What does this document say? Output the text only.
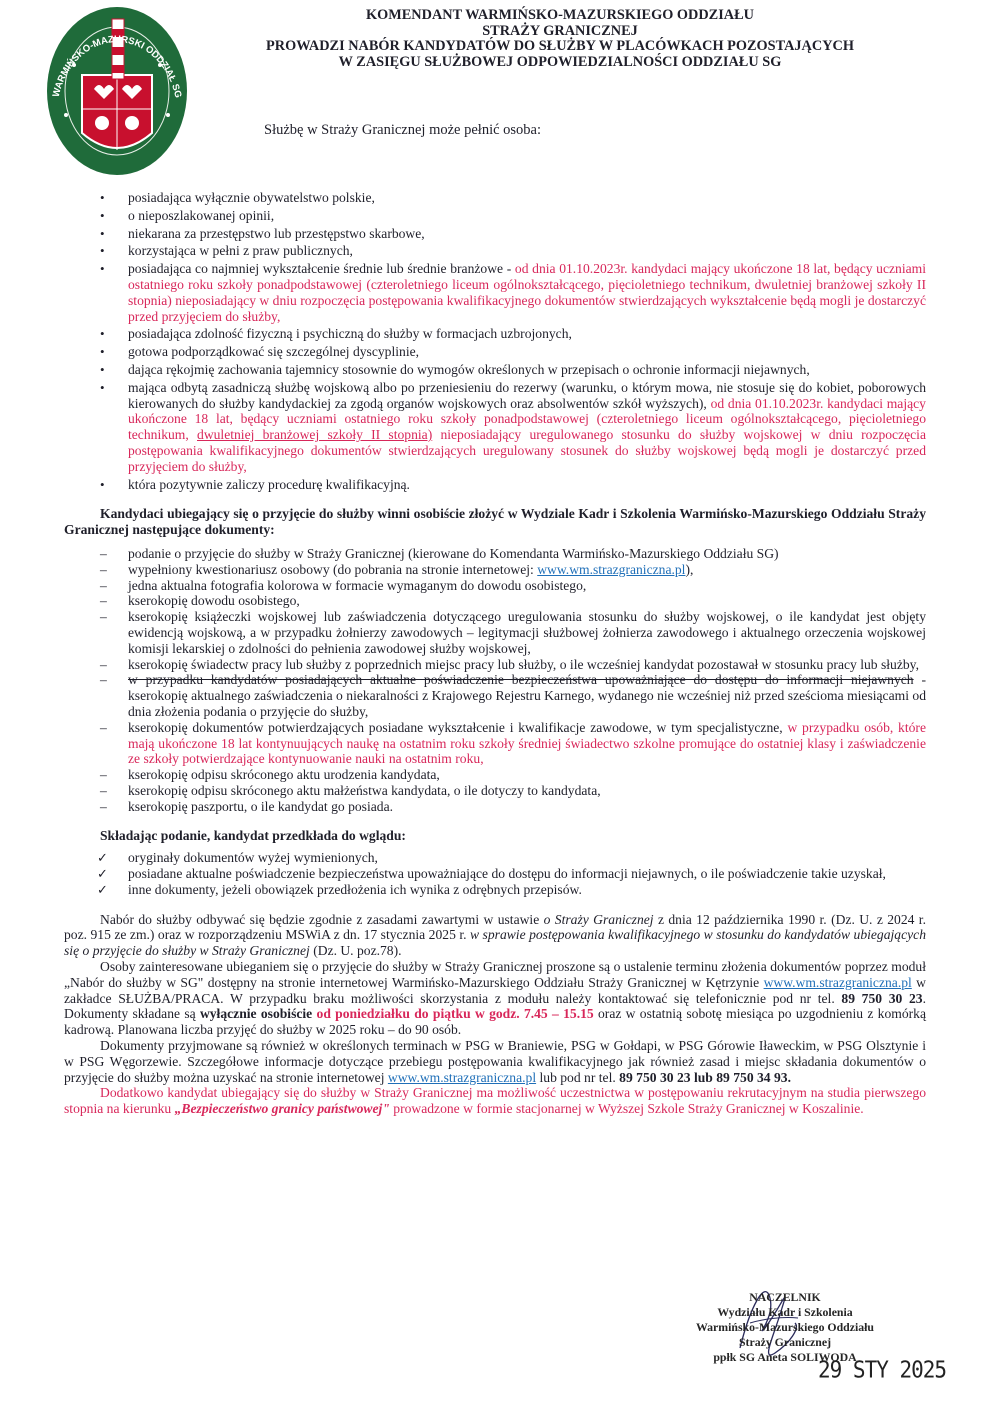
WARMIŃSKO-MAZURSKI ODDZIAŁ SG
KOMENDANT WARMIŃSKO-MAZURSKIEGO ODDZIAŁU
STRAŻY GRANICZNEJ
PROWADZI NABÓR KANDYDATÓW DO SŁUŻBY W PLACÓWKACH POZOSTAJĄCYCH
W ZASIĘGU SŁUŻBOWEJ ODPOWIEDZIALNOŚCI ODDZIAŁU SG
Służbę w Straży Granicznej może pełnić osoba:
• posiadająca wyłącznie obywatelstwo polskie,
• o nieposzlakowanej opinii,
• niekarana za przestępstwo lub przestępstwo skarbowe,
• korzystająca w pełni z praw publicznych,
• posiadająca co najmniej wykształcenie średnie lub średnie branżowe - od dnia 01.10.2023r. kandydaci mający ukończone 18 lat, będący uczniami ostatniego roku szkoły ponadpodstawowej (czteroletniego liceum ogólnokształcącego, pięcioletniego technikum, dwuletniej branżowej szkoły II stopnia) nieposiadający w dniu rozpoczęcia postępowania kwalifikacyjnego dokumentów stwierdzających wykształcenie będą mogli je dostarczyć przed przyjęciem do służby,
• posiadająca zdolność fizyczną i psychiczną do służby w formacjach uzbrojonych,
• gotowa podporządkować się szczególnej dyscyplinie,
• dająca rękojmię zachowania tajemnicy stosownie do wymogów określonych w przepisach o ochronie informacji niejawnych,
• mająca odbytą zasadniczą służbę wojskową albo po przeniesieniu do rezerwy (warunku, o którym mowa, nie stosuje się do kobiet, poborowych kierowanych do służby kandydackiej za zgodą organów wojskowych oraz absolwentów szkół wyższych), od dnia 01.10.2023r. kandydaci mający ukończone 18 lat, będący uczniami ostatniego roku szkoły ponadpodstawowej (czteroletniego liceum ogólnokształcącego, pięcioletniego technikum, dwuletniej branżowej szkoły II stopnia) nieposiadający uregulowanego stosunku do służby wojskowej w dniu rozpoczęcia postępowania kwalifikacyjnego dokumentów stwierdzających uregulowany stosunek do służby wojskowej będą mogli je dostarczyć przed przyjęciem do służby,
• która pozytywnie zaliczy procedurę kwalifikacyjną.

Kandydaci ubiegający się o przyjęcie do służby winni osobiście złożyć w Wydziale Kadr i Szkolenia Warmińsko-Mazurskiego Oddziału Straży Granicznej następujące dokumenty:

– podanie o przyjęcie do służby w Straży Granicznej (kierowane do Komendanta Warmińsko-Mazurskiego Oddziału SG)
– wypełniony kwestionariusz osobowy (do pobrania na stronie internetowej: www.wm.strazgraniczna.pl),
– jedna aktualna fotografia kolorowa w formacie wymaganym do dowodu osobistego,
– kserokopię dowodu osobistego,
– kserokopię książeczki wojskowej lub zaświadczenia dotyczącego uregulowania stosunku do służby wojskowej, o ile kandydat jest objęty ewidencją wojskową, a w przypadku żołnierzy zawodowych – legitymacji służbowej żołnierza zawodowego i aktualnego orzeczenia wojskowej komisji lekarskiej o zdolności do pełnienia zawodowej służby wojskowej,
– kserokopię świadectw pracy lub służby z poprzednich miejsc pracy lub służby, o ile wcześniej kandydat pozostawał w stosunku pracy lub służby,
– w przypadku kandydatów posiadających aktualne poświadczenie bezpieczeństwa upoważniające do dostępu do informacji niejawnych - kserokopię aktualnego zaświadczenia o niekaralności z Krajowego Rejestru Karnego, wydanego nie wcześniej niż przed sześcioma miesiącami od dnia złożenia podania o przyjęcie do służby,
– kserokopię dokumentów potwierdzających posiadane wykształcenie i kwalifikacje zawodowe, w tym specjalistyczne, w przypadku osób, które mają ukończone 18 lat kontynuujących naukę na ostatnim roku szkoły średniej świadectwo szkolne promujące do ostatniej klasy i zaświadczenie ze szkoły potwierdzające kontynuowanie nauki na ostatnim roku,
– kserokopię odpisu skróconego aktu urodzenia kandydata,
– kserokopię odpisu skróconego aktu małżeństwa kandydata, o ile dotyczy to kandydata,
– kserokopię paszportu, o ile kandydat go posiada.

Składając podanie, kandydat przedkłada do wglądu:

✓ oryginały dokumentów wyżej wymienionych,
✓ posiadane aktualne poświadczenie bezpieczeństwa upoważniające do dostępu do informacji niejawnych, o ile poświadczenie takie uzyskał,
✓ inne dokumenty, jeżeli obowiązek przedłożenia ich wynika z odrębnych przepisów.

Nabór do służby odbywać się będzie zgodnie z zasadami zawartymi w ustawie o Straży Granicznej z dnia 12 października 1990 r. (Dz. U. z 2024 r. poz. 915 ze zm.) oraz w rozporządzeniu MSWiA z dn. 17 stycznia 2025 r. w sprawie postępowania kwalifikacyjnego w stosunku do kandydatów ubiegających się o przyjęcie do służby w Straży Granicznej (Dz. U. poz.78).

Osoby zainteresowane ubieganiem się o przyjęcie do służby w Straży Granicznej proszone są o ustalenie terminu złożenia dokumentów poprzez moduł „Nabór do służby w SG" dostępny na stronie internetowej Warmińsko-Mazurskiego Oddziału Straży Granicznej w Kętrzynie www.wm.strazgraniczna.pl w zakładce SŁUŻBA/PRACA. W przypadku braku możliwości skorzystania z modułu należy kontaktować się telefonicznie pod nr tel. 89 750 30 23. Dokumenty składane są wyłącznie osobiście od poniedziałku do piątku w godz. 7.45 – 15.15 oraz w ostatnią sobotę miesiąca po uzgodnieniu z komórką kadrową. Planowana liczba przyjęć do służby w 2025 roku – do 90 osób.

Dokumenty przyjmowane są również w określonych terminach w PSG w Braniewie, PSG w Gołdapi, w PSG Górowie Iławeckim, w PSG Olsztynie i w PSG Węgorzewie. Szczegółowe informacje dotyczące przebiegu postępowania kwalifikacyjnego jak również zasad i miejsc składania dokumentów o przyjęcie do służby można uzyskać na stronie internetowej www.wm.strazgraniczna.pl lub pod nr tel. 89 750 30 23 lub 89 750 34 93.

Dodatkowo kandydat ubiegający się do służby w Straży Granicznej ma możliwość uczestnictwa w postępowaniu rekrutacyjnym na studia pierwszego stopnia na kierunku „Bezpieczeństwo granicy państwowej" prowadzone w formie stacjonarnej w Wyższej Szkole Straży Granicznej w Koszalinie.

NACZELNIK
Wydziału Kadr i Szkolenia
Warmińsko-Mazurskiego Oddziału
Straży Granicznej
ppłk SG Aneta SOLIWODA
29 STY 2025
